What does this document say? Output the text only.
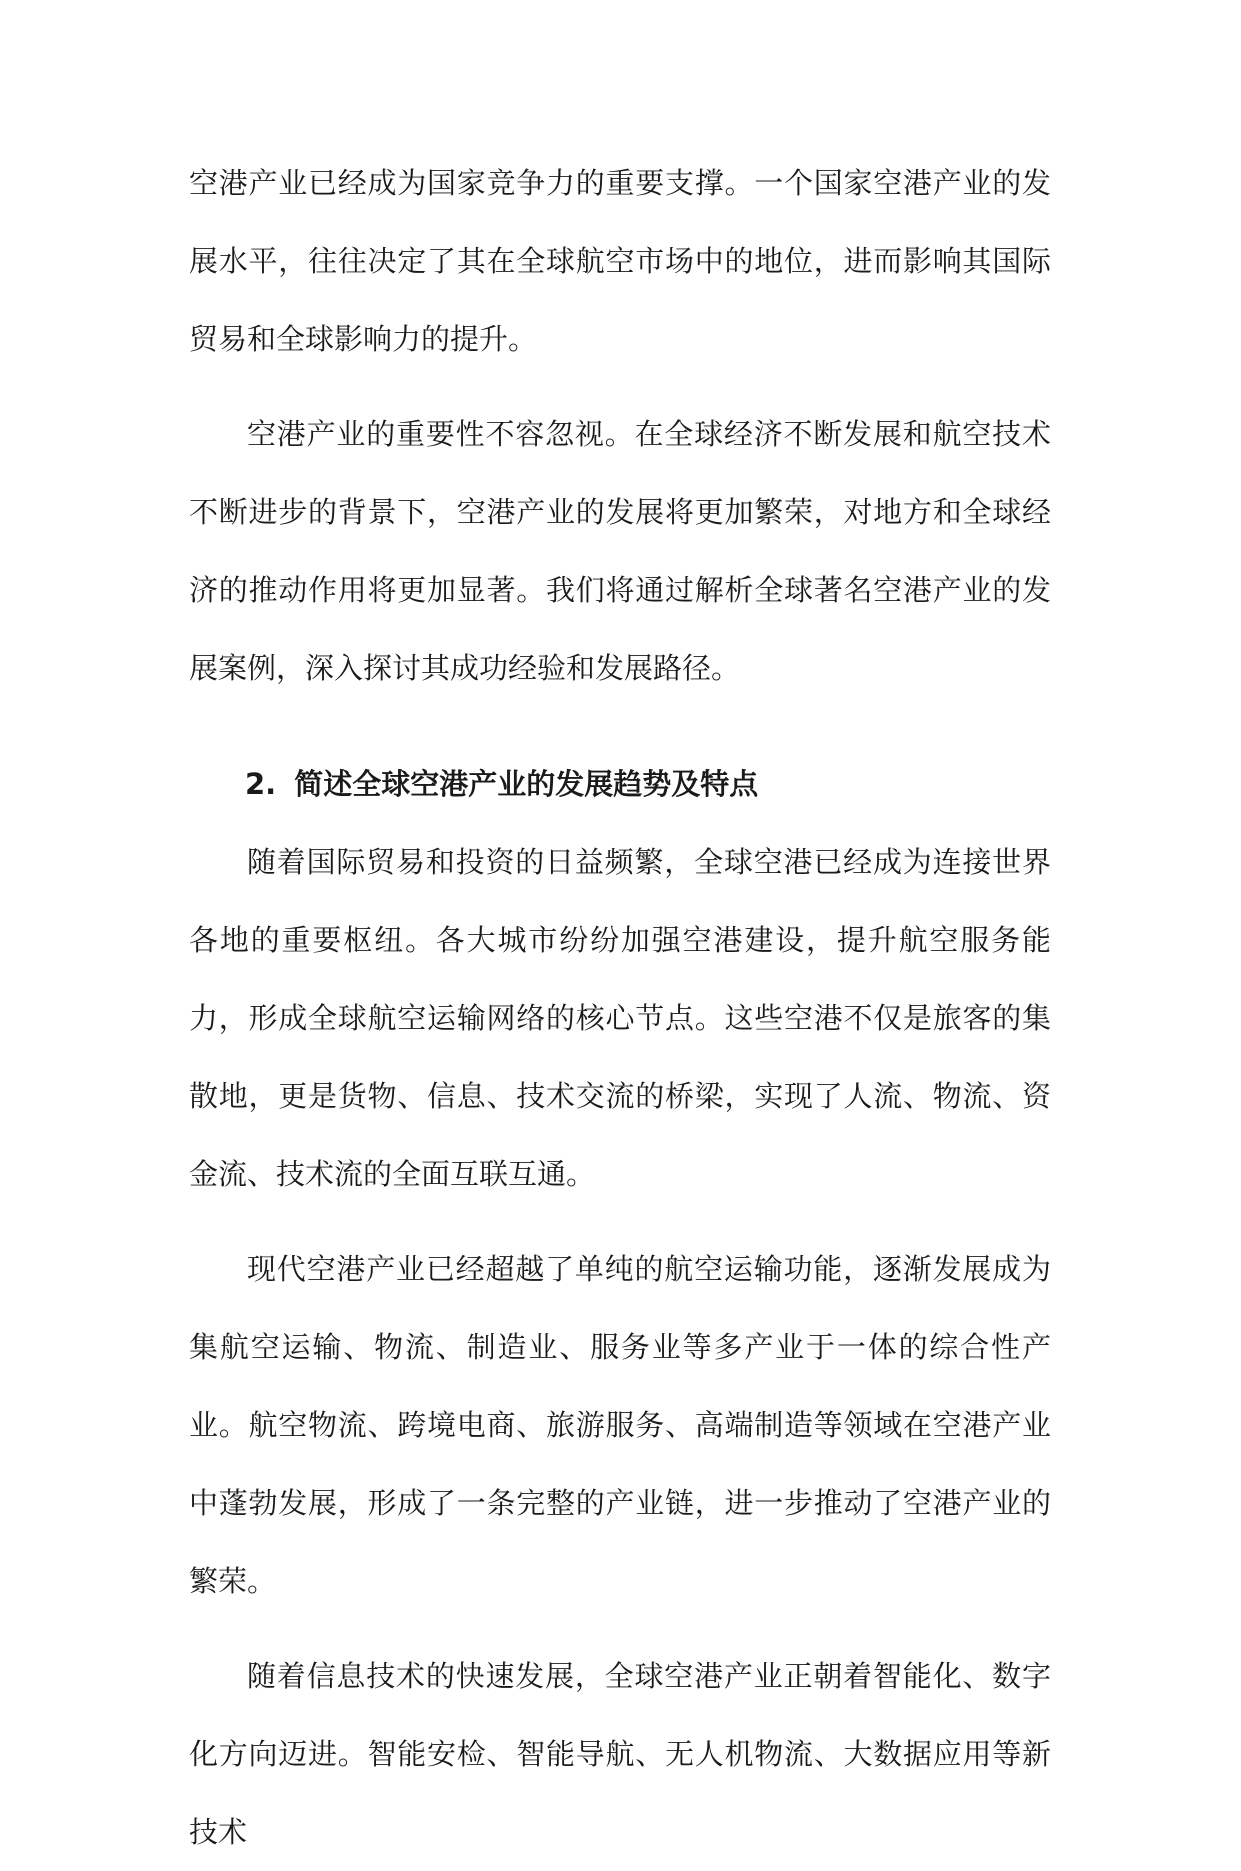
空港产业已经成为国家竞争力的重要支撑。一个国家空港产业的发展水平，往往决定了其在全球航空市场中的地位，进而影响其国际贸易和全球影响力的提升。

空港产业的重要性不容忽视。在全球经济不断发展和航空技术不断进步的背景下，空港产业的发展将更加繁荣，对地方和全球经济的推动作用将更加显著。我们将通过解析全球著名空港产业的发展案例，深入探讨其成功经验和发展路径。

2. 简述全球空港产业的发展趋势及特点

随着国际贸易和投资的日益频繁，全球空港已经成为连接世界各地的重要枢纽。各大城市纷纷加强空港建设，提升航空服务能力，形成全球航空运输网络的核心节点。这些空港不仅是旅客的集散地，更是货物、信息、技术交流的桥梁，实现了人流、物流、资金流、技术流的全面互联互通。

现代空港产业已经超越了单纯的航空运输功能，逐渐发展成为集航空运输、物流、制造业、服务业等多产业于一体的综合性产业。航空物流、跨境电商、旅游服务、高端制造等领域在空港产业中蓬勃发展，形成了一条完整的产业链，进一步推动了空港产业的繁荣。

随着信息技术的快速发展，全球空港产业正朝着智能化、数字化方向迈进。智能安检、智能导航、无人机物流、大数据应用等新技术
